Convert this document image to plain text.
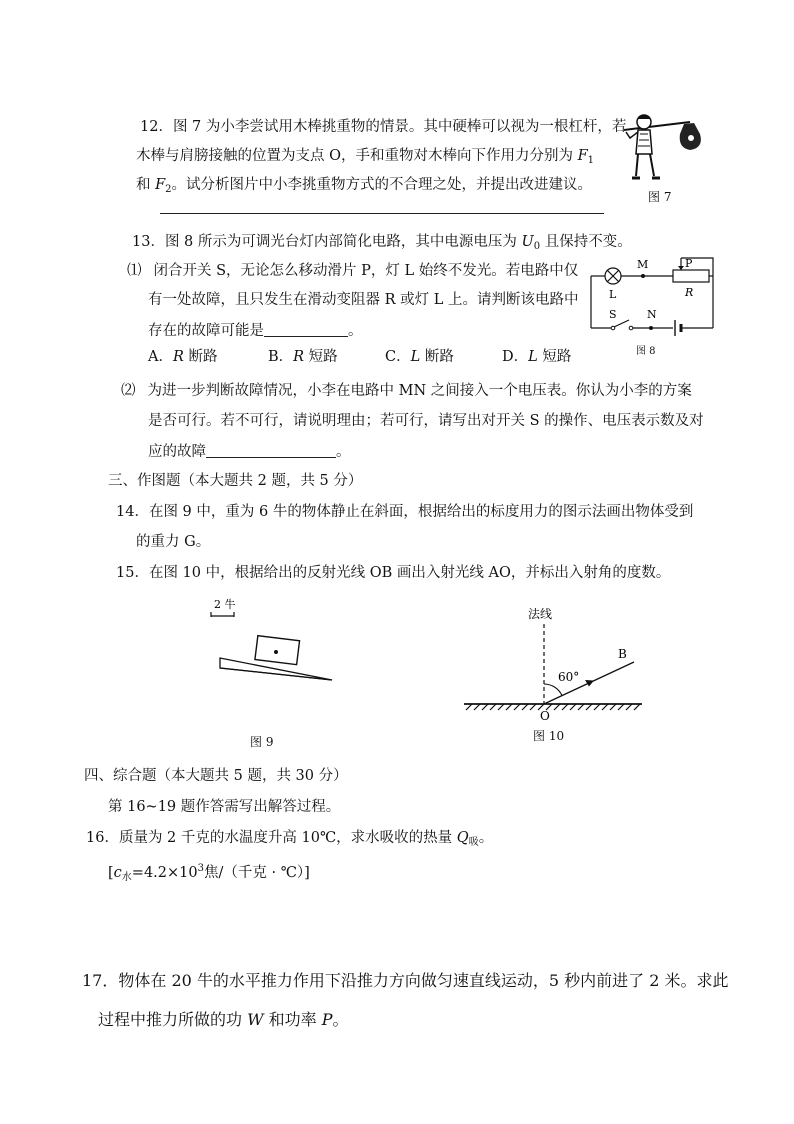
12．图 7 为小李尝试用木棒挑重物的情景。其中硬棒可以视为一根杠杆，若
木棒与肩膀接触的位置为支点 O，手和重物对木棒向下作用力分别为 $F_1$
和 $F_2$。试分析图片中小李挑重物方式的不合理之处，并提出改进建议。
图 7
13．图 8 所示为可调光台灯内部简化电路，其中电源电压为 $U_0$ 且保持不变。
⑴ 闭合开关 S，无论怎么移动滑片 P，灯 L 始终不发光。若电路中仅
有一处故障，且只发生在滑动变阻器 R 或灯 L 上。请判断该电路中
存在的故障可能是	。
A．R 断路	B．R 短路	C．L 断路	D．L 短路
M	P
L	R
S	N
图 8
⑵ 为进一步判断故障情况，小李在电路中 MN 之间接入一个电压表。你认为小李的方案
是否可行。若不可行，请说明理由；若可行，请写出对开关 S 的操作、电压表示数及对
应的故障	。
三、作图题（本大题共 2 题，共 5 分）
14．在图 9 中，重为 6 牛的物体静止在斜面，根据给出的标度用力的图示法画出物体受到
的重力 G。
15．在图 10 中，根据给出的反射光线 OB 画出入射光线 AO，并标出入射角的度数。
2 牛
图 9
法线
60°
B
O
图 10
四、综合题（本大题共 5 题，共 30 分）
第 16~19 题作答需写出解答过程。
16．质量为 2 千克的水温度升高 10℃，求水吸收的热量 $Q_吸$。
[$c_水=4.2\times 10^3$焦/（千克 · ℃）]
17．物体在 20 牛的水平推力作用下沿推力方向做匀速直线运动，5 秒内前进了 2 米。求此
过程中推力所做的功 W 和功率 P。
